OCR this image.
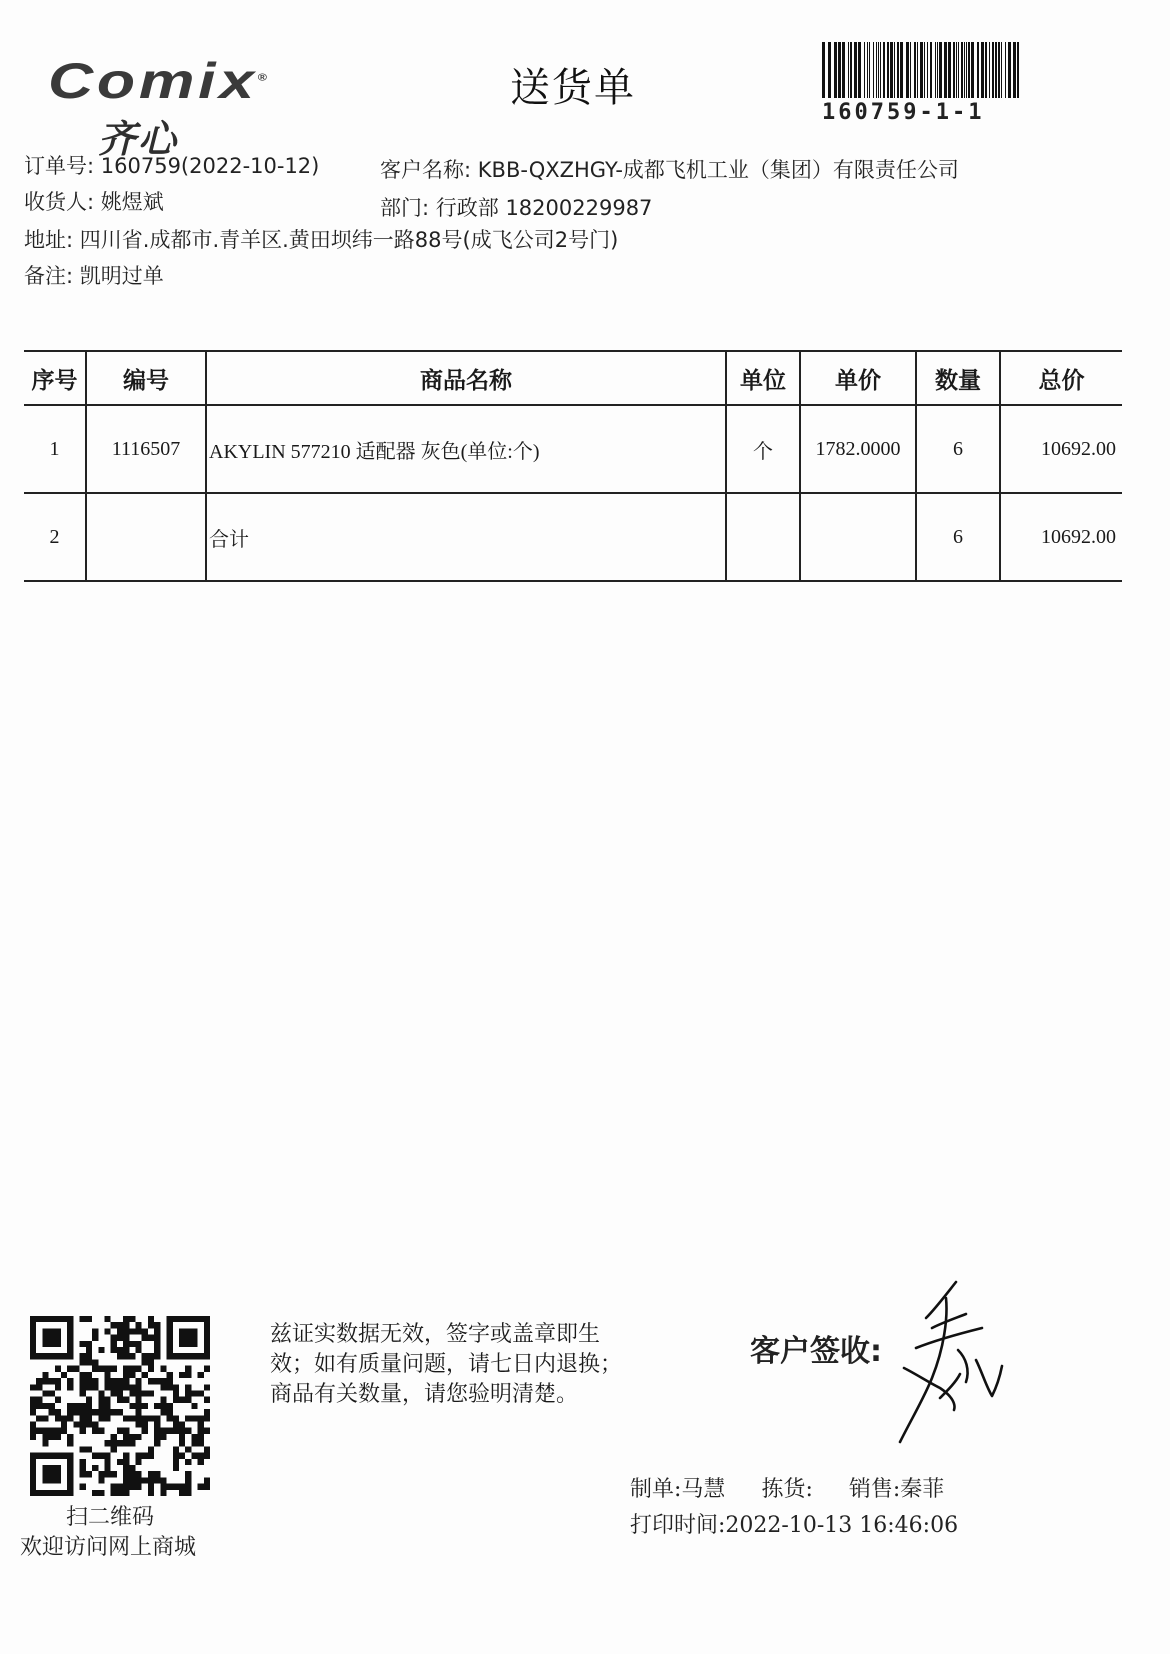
Comix®
齐心
送货单
160759-1-1
订单号: 160759(2022-10-12)	客户名称: KBB-QXZHGY-成都飞机工业（集团）有限责任公司
收货人: 姚煜斌	部门: 行政部 18200229987
地址: 四川省.成都市.青羊区.黄田坝纬一路88号(成飞公司2号门)
备注: 凯明过单
序号	编号	商品名称	单位	单价	数量	总价
1	1116507	AKYLIN 577210 适配器 灰色(单位:个)	个	1782.0000	6	10692.00
2		合计			6	10692.00
扫二维码
欢迎访问网上商城
兹证实数据无效，签字或盖章即生
效；如有质量问题，请七日内退换；
商品有关数量，请您验明清楚。
客户签收:
制单:马慧 拣货: 销售:秦菲
打印时间:2022-10-13 16:46:06
